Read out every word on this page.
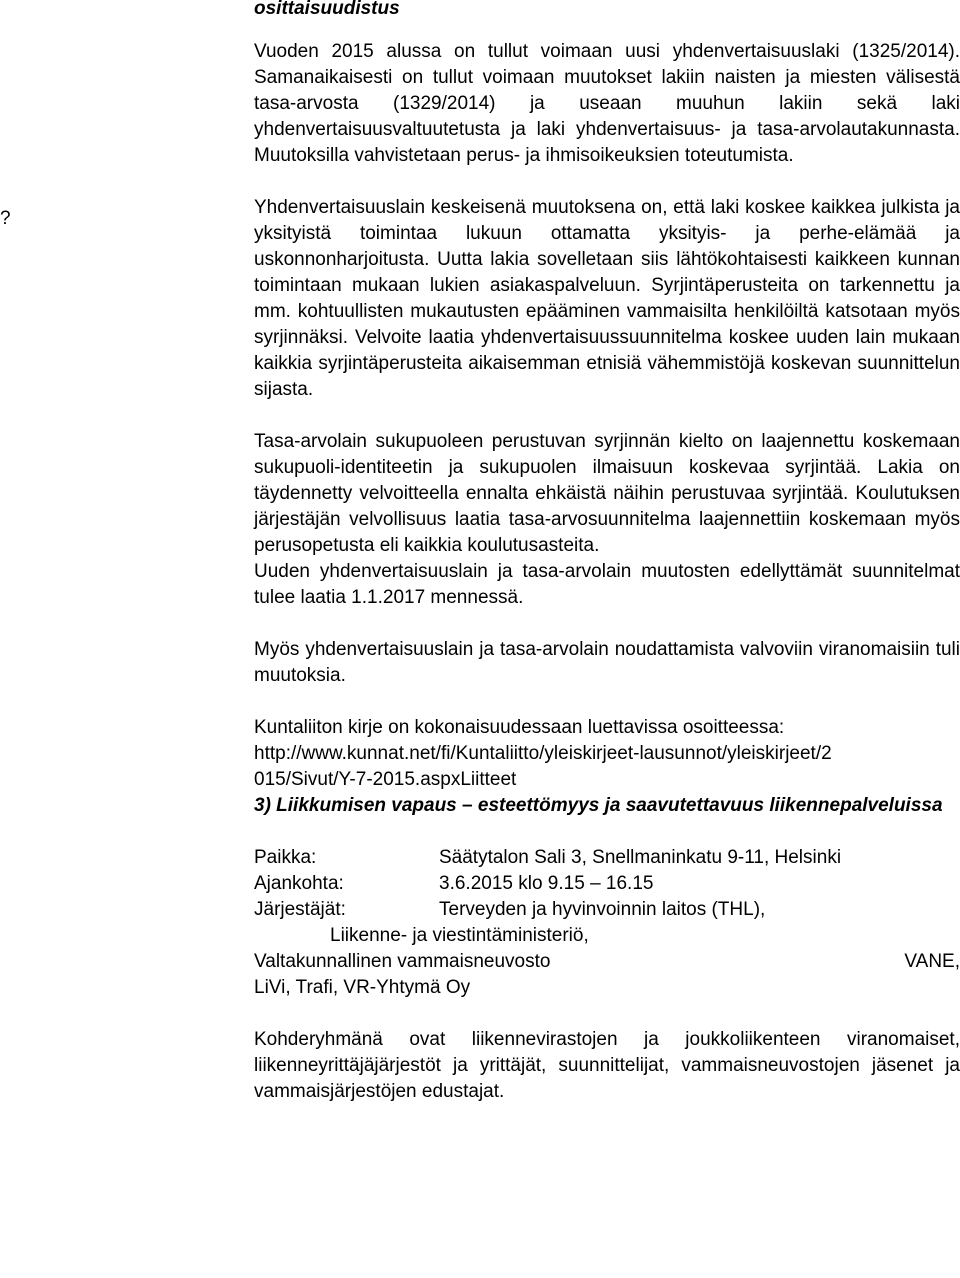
?
osittaisuudistus

Vuoden 2015 alussa on tullut voimaan uusi yhdenvertaisuuslaki (1325/2014). Samanaikaisesti on tullut voimaan muutokset lakiin naisten ja miesten välisestä tasa-arvosta (1329/2014) ja useaan muuhun lakiin sekä laki yhdenvertaisuusvaltuutetusta ja laki yhdenvertaisuus- ja tasa-arvolautakunnasta. Muutoksilla vahvistetaan perus- ja ihmisoikeuksien toteutumista.

Yhdenvertaisuuslain keskeisenä muutoksena on, että laki koskee kaikkea julkista ja yksityistä toimintaa lukuun ottamatta yksityis- ja perhe-elämää ja uskonnonharjoitusta. Uutta lakia sovelletaan siis lähtökohtaisesti kaikkeen kunnan toimintaan mukaan lukien asiakaspalveluun. Syrjintäperusteita on tarkennettu ja mm. kohtuullisten mukautusten epääminen vammaisilta henkilöiltä katsotaan myös syrjinnäksi. Velvoite laatia yhdenvertaisuussuunnitelma koskee uuden lain mukaan kaikkia syrjintäperusteita aikaisemman etnisiä vähemmistöjä koskevan suunnittelun sijasta.

Tasa-arvolain sukupuoleen perustuvan syrjinnän kielto on laajennettu koskemaan sukupuoli-identiteetin ja sukupuolen ilmaisuun koskevaa syrjintää. Lakia on täydennetty velvoitteella ennalta ehkäistä näihin perustuvaa syrjintää. Koulutuksen järjestäjän velvollisuus laatia tasa-arvosuunnitelma laajennettiin koskemaan myös perusopetusta eli kaikkia koulutusasteita.

Uuden yhdenvertaisuuslain ja tasa-arvolain muutosten edellyttämät suunnitelmat tulee laatia 1.1.2017 mennessä.

Myös yhdenvertaisuuslain ja tasa-arvolain noudattamista valvoviin viranomaisiin tuli muutoksia.

Kuntaliiton kirje on kokonaisuudessaan luettavissa osoitteessa:

http://www.kunnat.net/fi/Kuntaliitto/yleiskirjeet-lausunnot/yleiskirjeet/2
015/Sivut/Y-7-2015.aspxLiitteet
3) Liikkumisen vapaus – esteettömyys ja saavutettavuus liikennepalveluissa
Paikka:	Säätytalon Sali 3, Snellmaninkatu 9-11, Helsinki
Ajankohta:	3.6.2015 klo 9.15 – 16.15
Järjestäjät:	Terveyden ja hyvinvoinnin laitos (THL),
Liikenne- ja viestintäministeriö,
Valtakunnallinen vammaisneuvosto	VANE,
LiVi, Trafi, VR-Yhtymä Oy

Kohderyhmänä ovat liikennevirastojen ja joukkoliikenteen viranomaiset, liikenneyrittäjäjärjestöt ja yrittäjät, suunnittelijat, vammaisneuvostojen jäsenet ja vammaisjärjestöjen edustajat.
